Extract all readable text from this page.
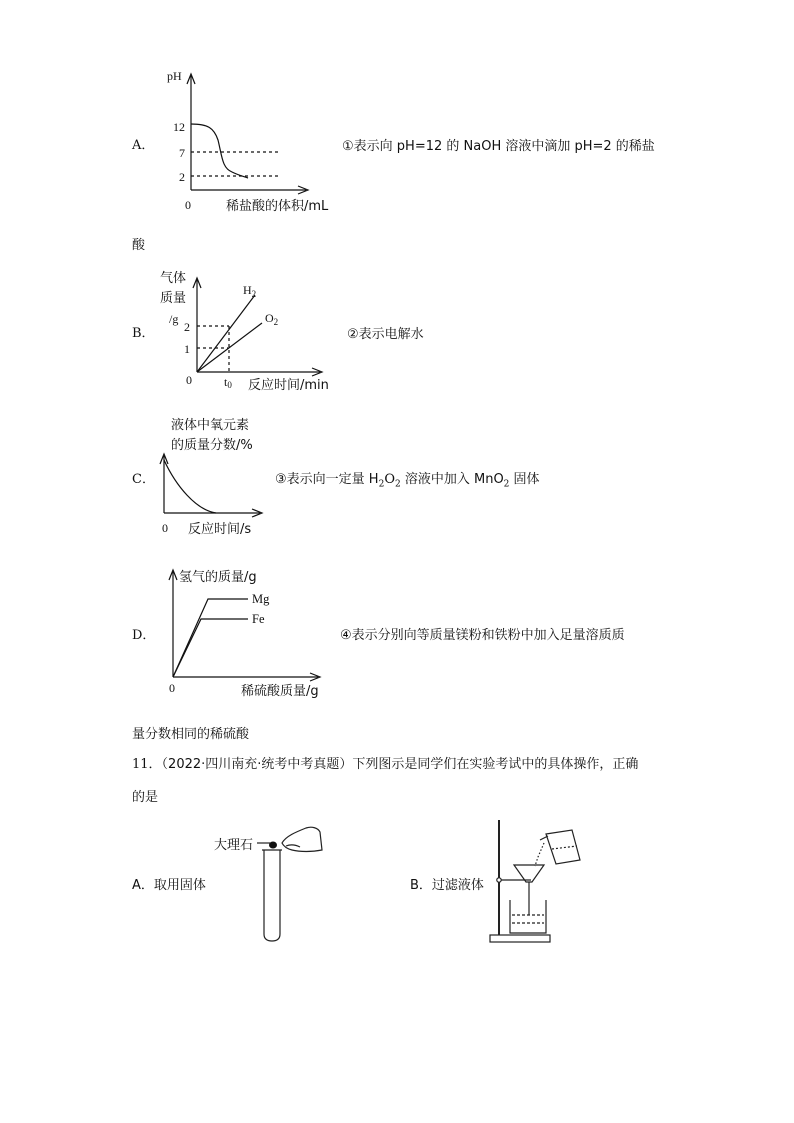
A．
pH
12
7
2
0	稀盐酸的体积/mL
①表示向 pH=12 的 NaOH 溶液中滴加 pH=2 的稀盐
酸
B．
气体
质量
/g
2
1
0	t0 反应时间/min
$H_2$
$O_2$
②表示电解水
C．
液体中氧元素
的质量分数/%
0 反应时间/s
③表示向一定量 $H_2O_2$ 溶液中加入 MnO$_2$ 固体
D．
氢气的质量/g
Mg
Fe
0	稀硫酸质量/g
④表示分别向等质量镁粉和铁粉中加入足量溶质质
量分数相同的稀硫酸
11．（2022·四川南充·统考中考真题）下列图示是同学们在实验考试中的具体操作，正确
的是
A．取用固体
大理石
B．过滤液体
